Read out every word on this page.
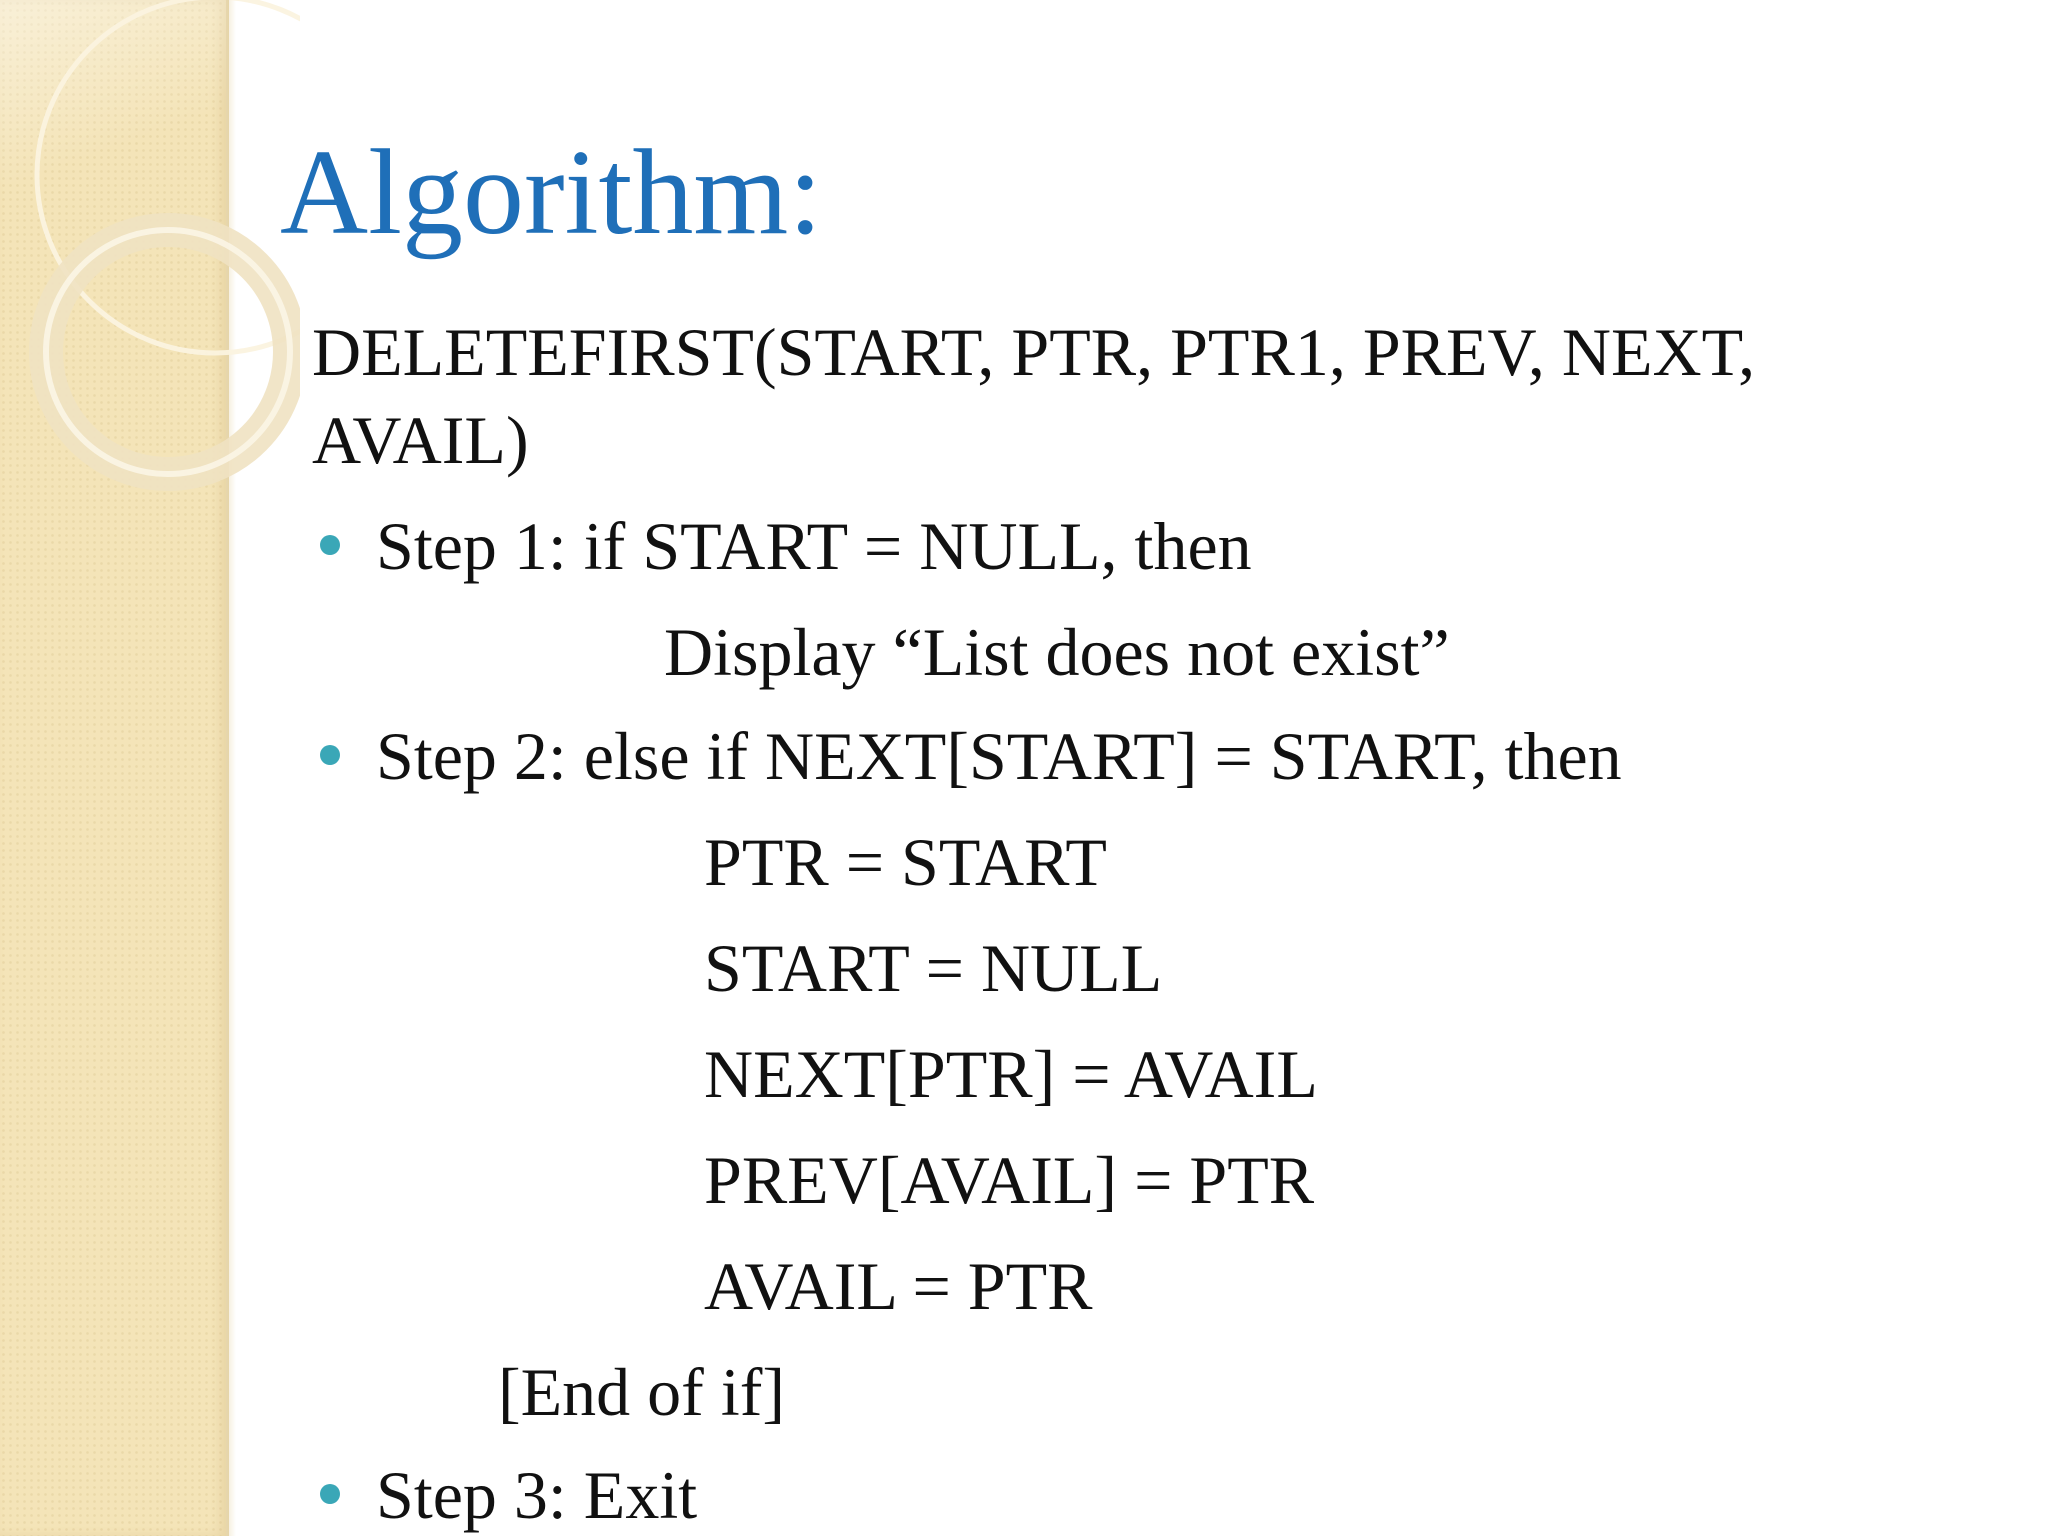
Algorithm:
DELETEFIRST(START, PTR, PTR1, PREV, NEXT,
AVAIL)
Step 1: if START = NULL, then
Display “List does not exist”
Step 2: else if NEXT[START] = START, then
PTR = START
START = NULL
NEXT[PTR] = AVAIL
PREV[AVAIL] = PTR
AVAIL = PTR
[End of if]
Step 3: Exit
